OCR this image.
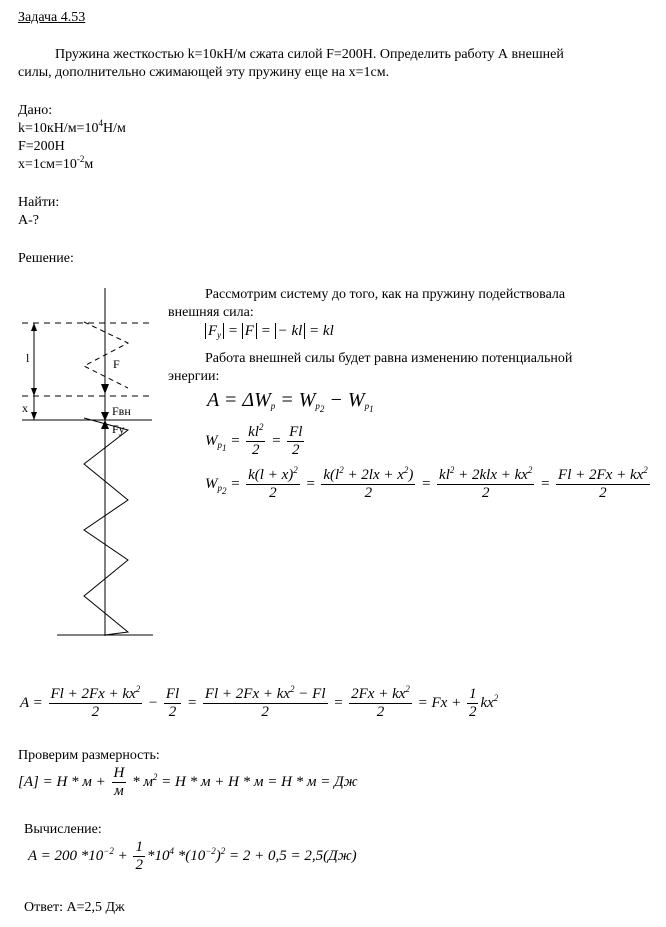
Задача 4.53
Пружина жесткостью k=10кН/м сжата силой F=200Н. Определить работу А внешней
силы, дополнительно сжимающей эту пружину еще на x=1см.
Дано:
$k=10кН/м=10^4Н/м$
F=200Н
$x=1см=10^{-2}м$
Найти:
А-?
Решение:
l
x
F
Fвн
Fу
Рассмотрим систему до того, как на пружину подействовала
внешняя сила:
$F_y = F$ = − kl = kl
Работа внешней силы будет равна изменению потенциальной
энергии:
$A = \Delta W_p = W_{p_2} - W_{p_1}$
$W_{p_1} = \frac{kl^2}{2} = \frac{Fl}{2}$
$W_{p_2} = \frac{k(l + x)^2}{2} = \frac{k(l^2 + 2lx + x^2)}{2} = \frac{kl^2 + 2klx + kx^2}{2} = \frac{Fl + 2Fx + kx^2}{2}$
$A = \frac{Fl + 2Fx + kx^2}{2} - \frac{Fl}{2} = \frac{Fl + 2Fx + kx^2 - Fl}{2} = \frac{2Fx + kx^2}{2} = Fx + \frac{1}{2} kx^2$
Проверим размерность:
$[A] = H * м + \frac{H}{м} * м^2 = H * м + H * м = H * м$ = Дж
Вычисление:
A = 200 $*10^{-2} + \frac{1}{2} *10^4$ $*(10^{-2})^2 = 2 + 0,5 = 2,5(Дж)$
Ответ: А=2,5 Дж
